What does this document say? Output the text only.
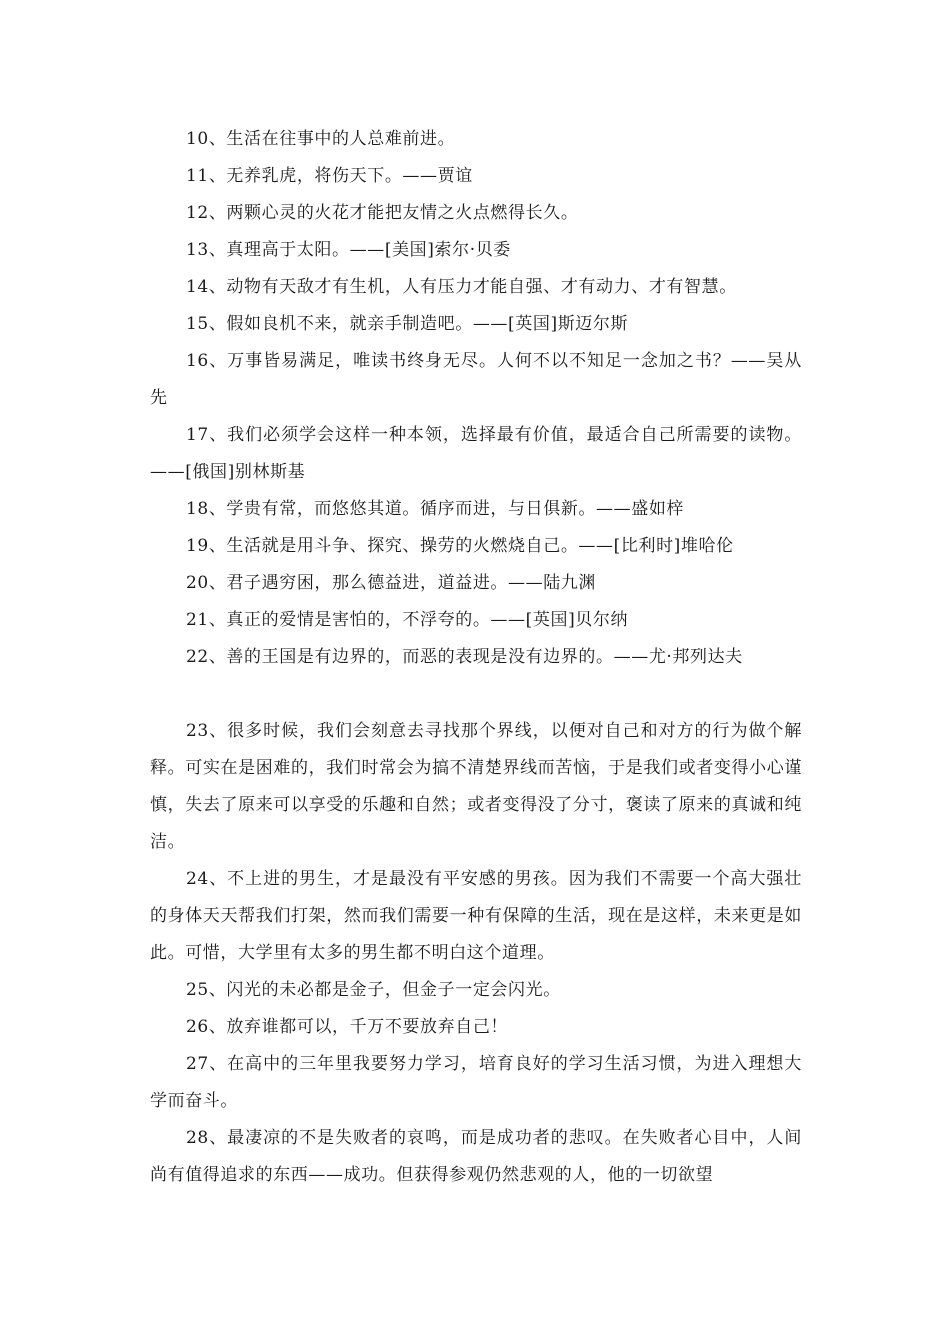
10、生活在往事中的人总难前进。

11、无养乳虎，将伤天下。——贾谊

12、两颗心灵的火花才能把友情之火点燃得长久。

13、真理高于太阳。——[美国]索尔·贝委

14、动物有天敌才有生机，人有压力才能自强、才有动力、才有智慧。

15、假如良机不来，就亲手制造吧。——[英国]斯迈尔斯

16、万事皆易满足，唯读书终身无尽。人何不以不知足一念加之书？——吴从先

17、我们必须学会这样一种本领，选择最有价值，最适合自己所需要的读物。——[俄国]别林斯基

18、学贵有常，而悠悠其道。循序而进，与日俱新。——盛如梓

19、生活就是用斗争、探究、操劳的火燃烧自己。——[比利时]堆哈伦

20、君子遇穷困，那么德益进，道益进。——陆九渊

21、真正的爱情是害怕的，不浮夸的。——[英国]贝尔纳

22、善的王国是有边界的，而恶的表现是没有边界的。——尤·邦列达夫

23、很多时候，我们会刻意去寻找那个界线，以便对自己和对方的行为做个解释。可实在是困难的，我们时常会为搞不清楚界线而苦恼，于是我们或者变得小心谨慎，失去了原来可以享受的乐趣和自然；或者变得没了分寸，褒读了原来的真诚和纯洁。

24、不上进的男生，才是最没有平安感的男孩。因为我们不需要一个高大强壮的身体天天帮我们打架，然而我们需要一种有保障的生活，现在是这样，未来更是如此。可惜，大学里有太多的男生都不明白这个道理。

25、闪光的未必都是金子，但金子一定会闪光。

26、放弃谁都可以，千万不要放弃自己！

27、在高中的三年里我要努力学习，培育良好的学习生活习惯，为进入理想大学而奋斗。

28、最凄凉的不是失败者的哀鸣，而是成功者的悲叹。在失败者心目中，人间尚有值得追求的东西——成功。但获得参观仍然悲观的人，他的一切欲望
